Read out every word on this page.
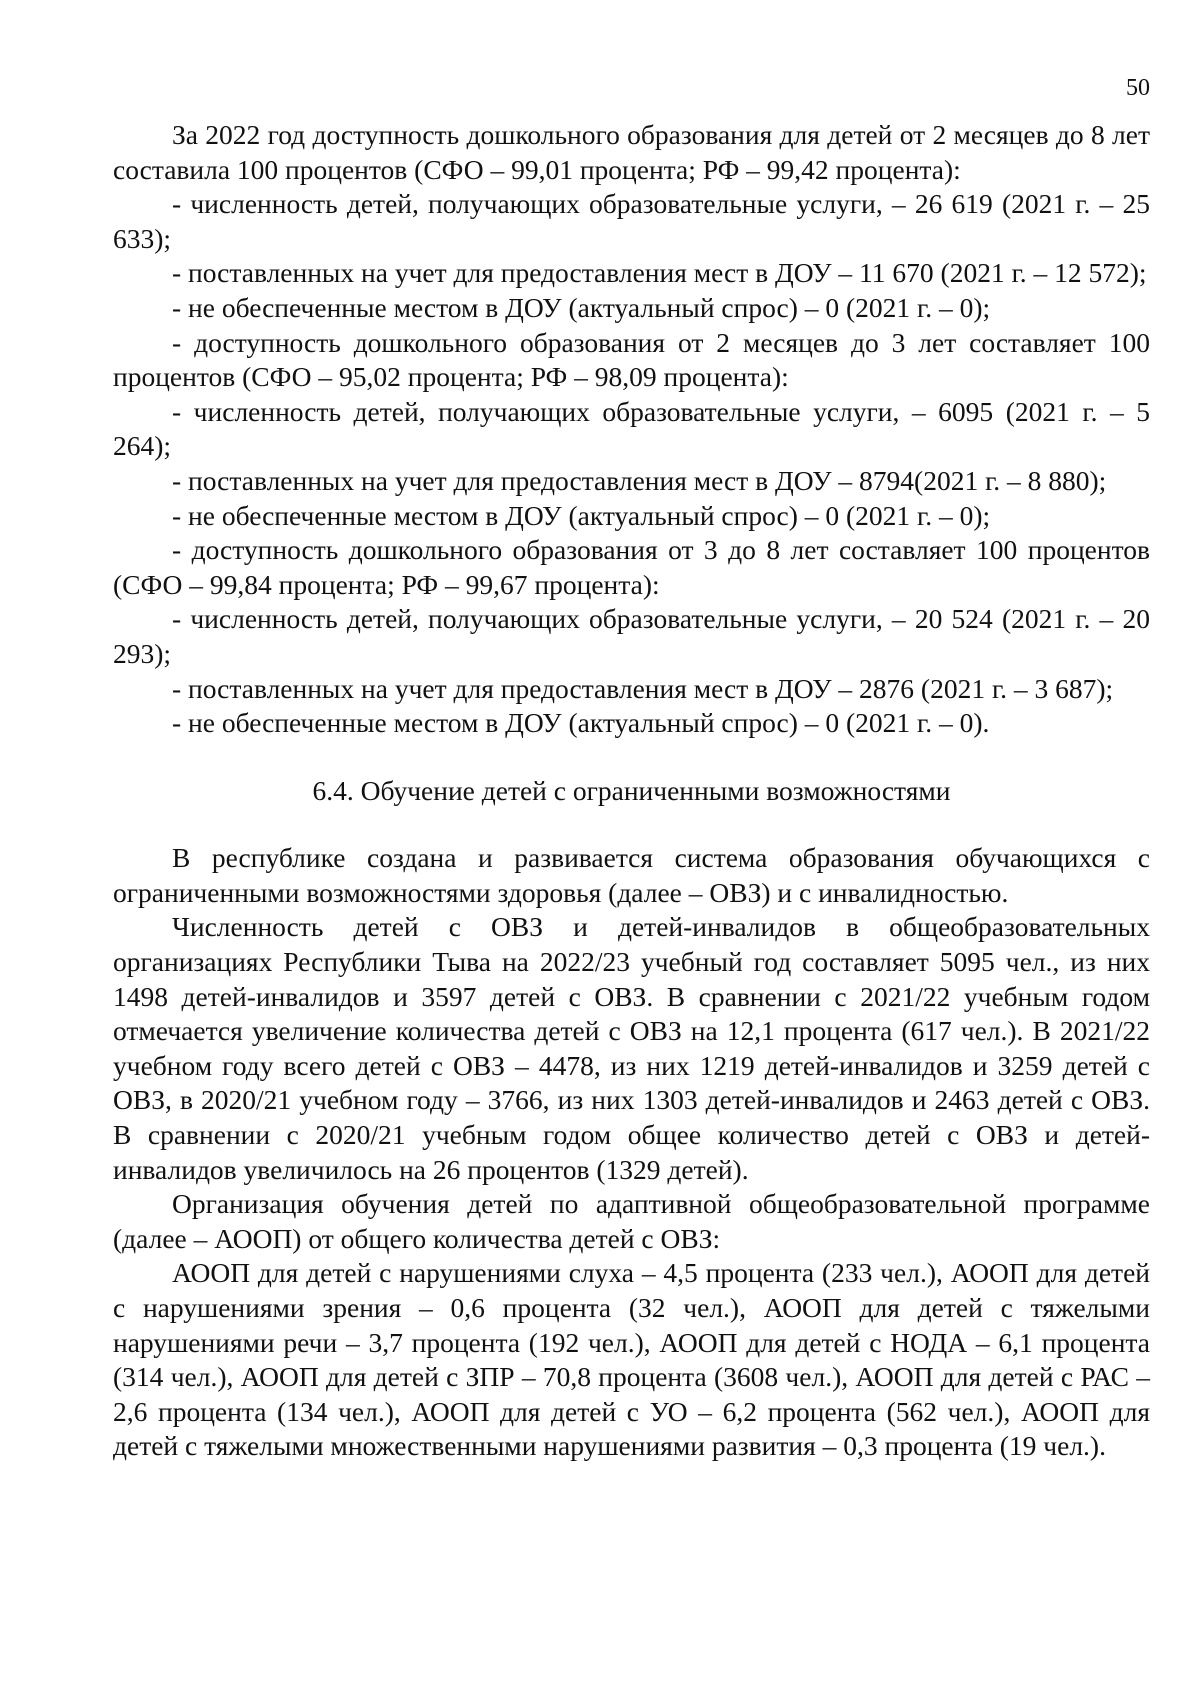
50

За 2022 год доступность дошкольного образования для детей от 2 месяцев до 8 лет составила 100 процентов (СФО – 99,01 процента; РФ – 99,42 процента):

- численность детей, получающих образовательные услуги, – 26 619 (2021 г. – 25 633);

- поставленных на учет для предоставления мест в ДОУ – 11 670 (2021 г. – 12 572);

- не обеспеченные местом в ДОУ (актуальный спрос) – 0 (2021 г. – 0);

- доступность дошкольного образования от 2 месяцев до 3 лет составляет 100 процентов (СФО – 95,02 процента; РФ – 98,09 процента):

- численность детей, получающих образовательные услуги, – 6095 (2021 г. – 5 264);

- поставленных на учет для предоставления мест в ДОУ – 8794(2021 г. – 8 880);

- не обеспеченные местом в ДОУ (актуальный спрос) – 0 (2021 г. – 0);

- доступность дошкольного образования от 3 до 8 лет составляет 100 процентов (СФО – 99,84 процента; РФ – 99,67 процента):

- численность детей, получающих образовательные услуги, – 20 524 (2021 г. – 20 293);

- поставленных на учет для предоставления мест в ДОУ – 2876 (2021 г. – 3 687);

- не обеспеченные местом в ДОУ (актуальный спрос) – 0 (2021 г. – 0).

6.4. Обучение детей с ограниченными возможностями

В республике создана и развивается система образования обучающихся с ограниченными возможностями здоровья (далее – ОВЗ) и с инвалидностью.

Численность детей с ОВЗ и детей-инвалидов в общеобразовательных организациях Республики Тыва на 2022/23 учебный год составляет 5095 чел., из них 1498 детей-инвалидов и 3597 детей с ОВЗ. В сравнении с 2021/22 учебным годом отмечается увеличение количества детей с ОВЗ на 12,1 процента (617 чел.). В 2021/22 учебном году всего детей с ОВЗ – 4478, из них 1219 детей-инвалидов и 3259 детей с ОВЗ, в 2020/21 учебном году – 3766, из них 1303 детей-инвалидов и 2463 детей с ОВЗ. В сравнении с 2020/21 учебным годом общее количество детей с ОВЗ и детей-инвалидов увеличилось на 26 процентов (1329 детей).

Организация обучения детей по адаптивной общеобразовательной программе (далее – АООП) от общего количества детей с ОВЗ:

АООП для детей с нарушениями слуха – 4,5 процента (233 чел.), АООП для детей с нарушениями зрения – 0,6 процента (32 чел.), АООП для детей с тяжелыми нарушениями речи – 3,7 процента (192 чел.), АООП для детей с НОДА – 6,1 процента (314 чел.), АООП для детей с ЗПР – 70,8 процента (3608 чел.), АООП для детей с РАС – 2,6 процента (134 чел.), АООП для детей с УО – 6,2 процента (562 чел.), АООП для детей с тяжелыми множественными нарушениями развития – 0,3 процента (19 чел.).
